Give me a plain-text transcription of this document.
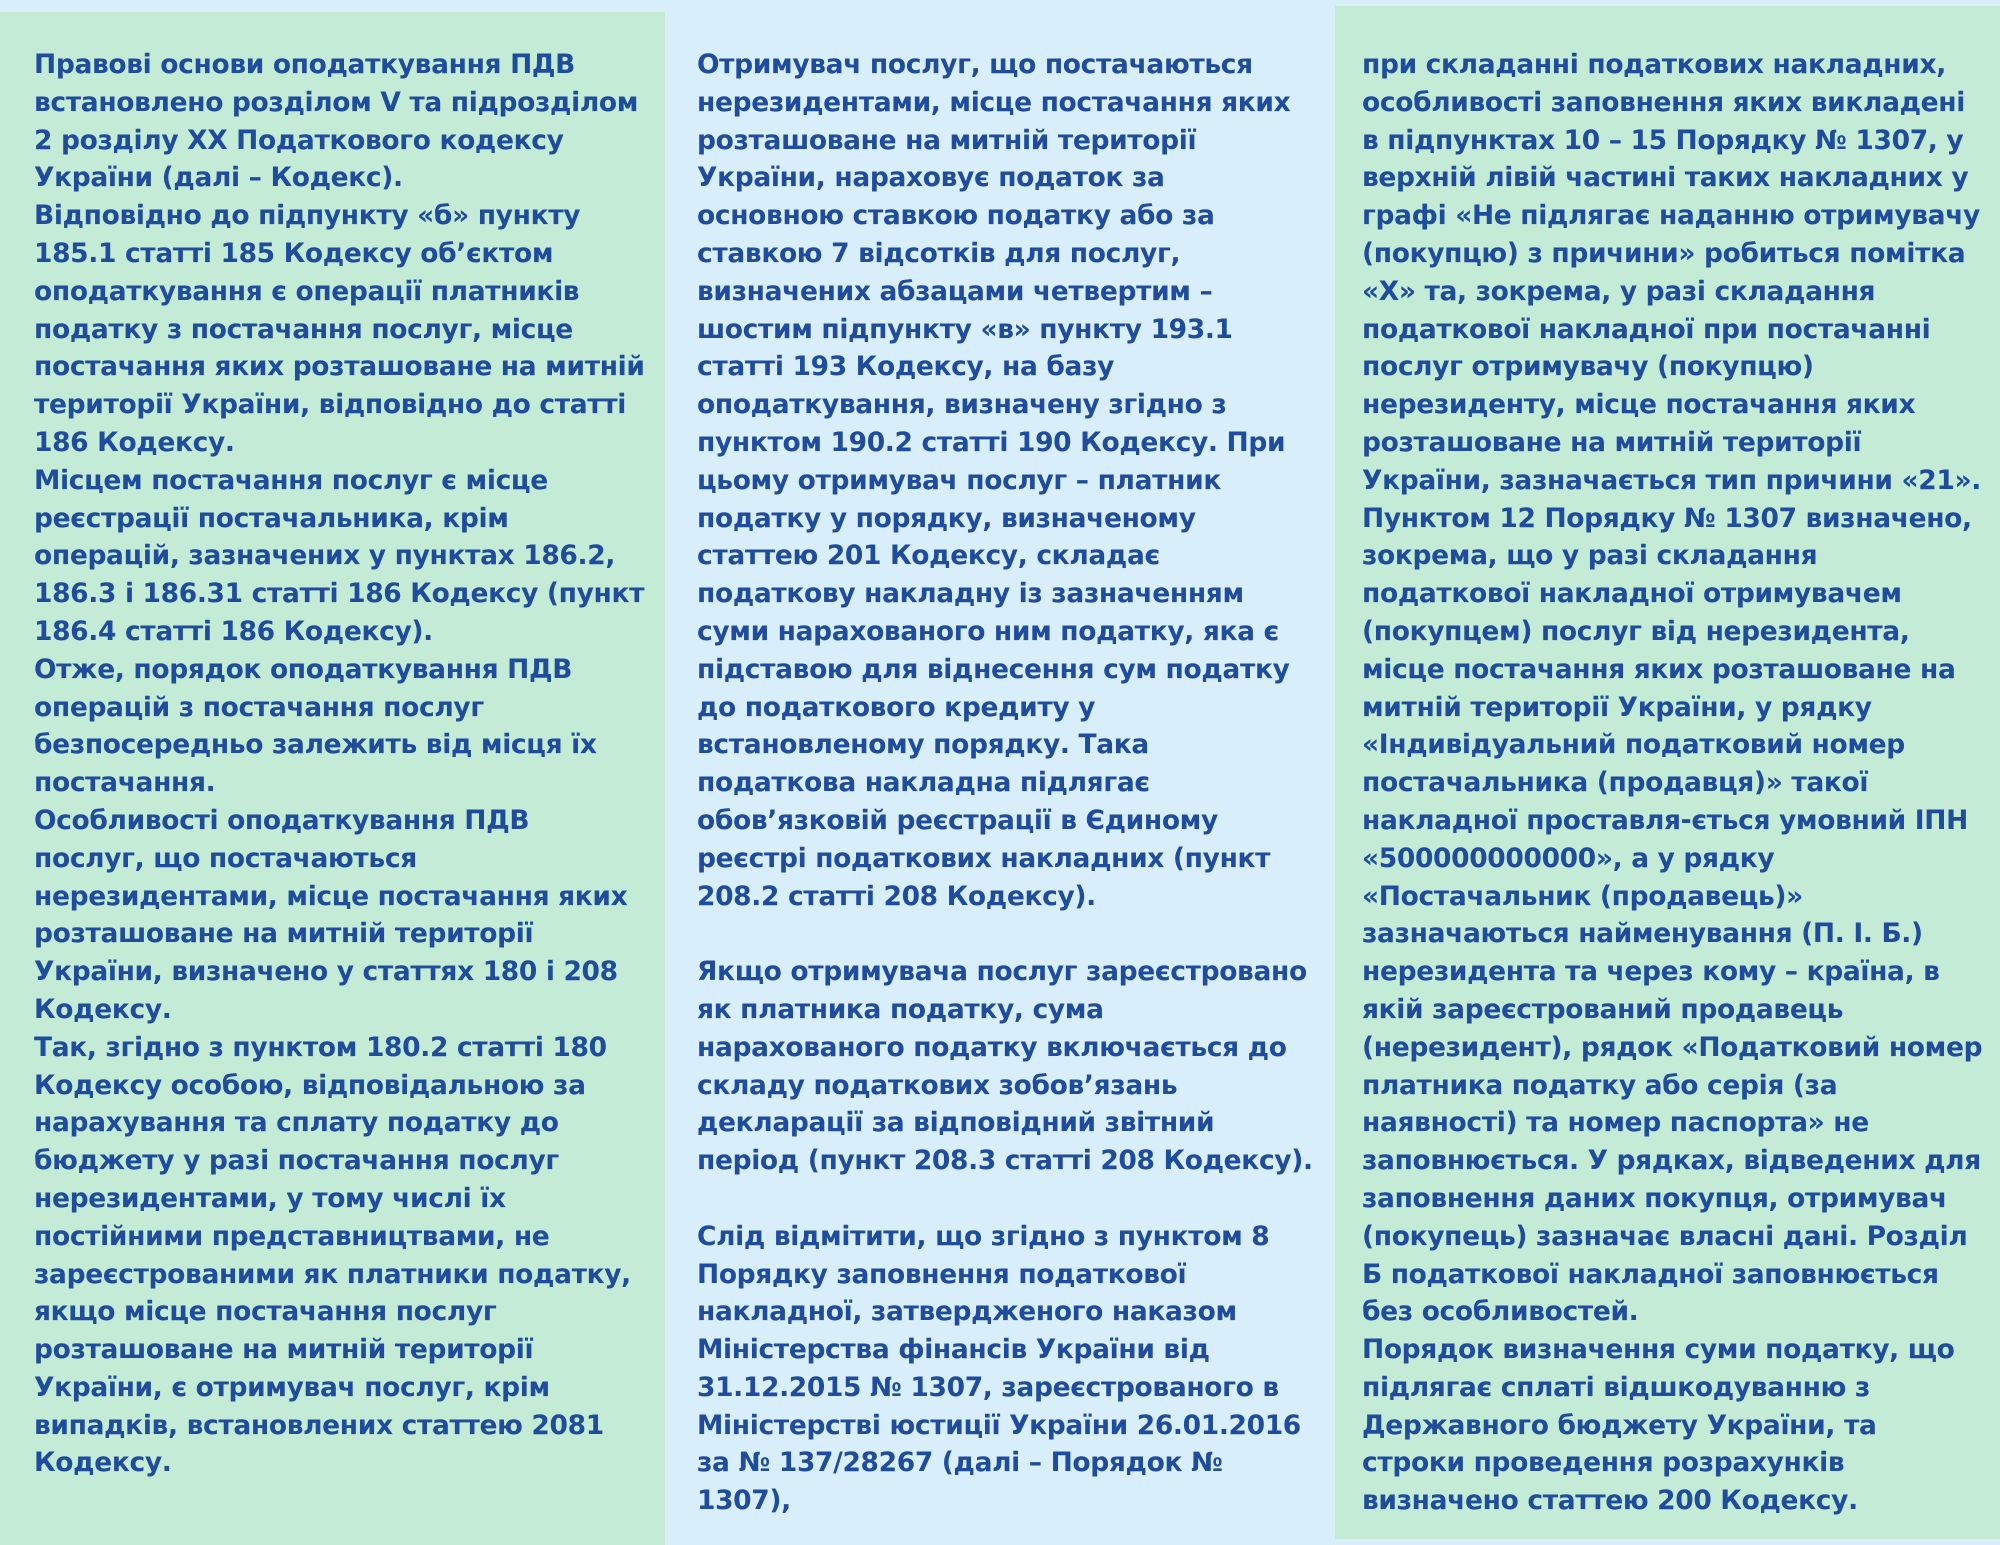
Правові основи оподаткування ПДВ встановлено розділом V та підрозділом 2 розділу XX Податкового кодексу України (далі – Кодекс).

Відповідно до підпункту «б» пункту 185.1 статті 185 Кодексу об’єктом оподаткування є операції платників податку з постачання послуг, місце постачання яких розташоване на митній території України, відповідно до статті 186 Кодексу.

Місцем постачання послуг є місце реєстрації постачальника, крім операцій, зазначених у пунктах 186.2, 186.3 і 186.31 статті 186 Кодексу (пункт 186.4 статті 186 Кодексу).

Отже, порядок оподаткування ПДВ операцій з постачання послуг безпосередньо залежить від місця їх постачання.

Особливості оподаткування ПДВ послуг, що постачаються нерезидентами, місце постачання яких розташоване на митній території України, визначено у статтях 180 і 208 Кодексу.

Так, згідно з пунктом 180.2 статті 180 Кодексу особою, відповідальною за нарахування та сплату податку до бюджету у разі постачання послуг нерезидентами, у тому числі їх постійними представництвами, не зареєстрованими як платники податку, якщо місце постачання послуг розташоване на митній території України, є отримувач послуг, крім випадків, встановлених статтею 2081 Кодексу.

Отримувач послуг, що постачаються нерезидентами, місце постачання яких розташоване на митній території України, нараховує податок за основною ставкою податку або за ставкою 7 відсотків для послуг, визначених абзацами четвертим – шостим підпункту «в» пункту 193.1 статті 193 Кодексу, на базу оподаткування, визначену згідно з пунктом 190.2 статті 190 Кодексу. При цьому отримувач послуг – платник податку у порядку, визначеному статтею 201 Кодексу, складає податкову накладну із зазначенням суми нарахованого ним податку, яка є підставою для віднесення сум податку до податкового кредиту у встановленому порядку. Така податкова накладна підлягає обов’язковій реєстрації в Єдиному реєстрі податкових накладних (пункт 208.2 статті 208 Кодексу).

Якщо отримувача послуг зареєстровано як платника податку, сума нарахованого податку включається до складу податкових зобов’язань декларації за відповідний звітний період (пункт 208.3 статті 208 Кодексу).

Слід відмітити, що згідно з пунктом 8 Порядку заповнення податкової накладної, затвердженого наказом Міністерства фінансів України від 31.12.2015 № 1307, зареєстрованого в Міністерстві юстиції України 26.01.2016 за № 137/28267 (далі – Порядок № 1307),

при складанні податкових накладних, особливості заповнення яких викладені в підпунктах 10 – 15 Порядку № 1307, у верхній лівій частині таких накладних у графі «Не підлягає наданню отримувачу (покупцю) з причини» робиться помітка «Х» та, зокрема, у разі складання податкової накладної при постачанні послуг отримувачу (покупцю) нерезиденту, місце постачання яких розташоване на митній території України, зазначається тип причини «21».

Пунктом 12 Порядку № 1307 визначено, зокрема, що у разі складання податкової накладної отримувачем (покупцем) послуг від нерезидента, місце постачання яких розташоване на митній території України, у рядку «Індивідуальний податковий номер постачальника (продавця)» такої накладної проставля-ється умовний ІПН «500000000000», а у рядку «Постачальник (продавець)» зазначаються найменування (П. І. Б.) нерезидента та через кому – країна, в якій зареєстрований продавець (нерезидент), рядок «Податковий номер платника податку або серія (за наявності) та номер паспорта» не заповнюється. У рядках, відведених для заповнення даних покупця, отримувач (покупець) зазначає власні дані. Розділ Б податкової накладної заповнюється без особливостей.

Порядок визначення суми податку, що підлягає сплаті відшкодуванню з Державного бюджету України, та строки проведення розрахунків визначено статтею 200 Кодексу.
